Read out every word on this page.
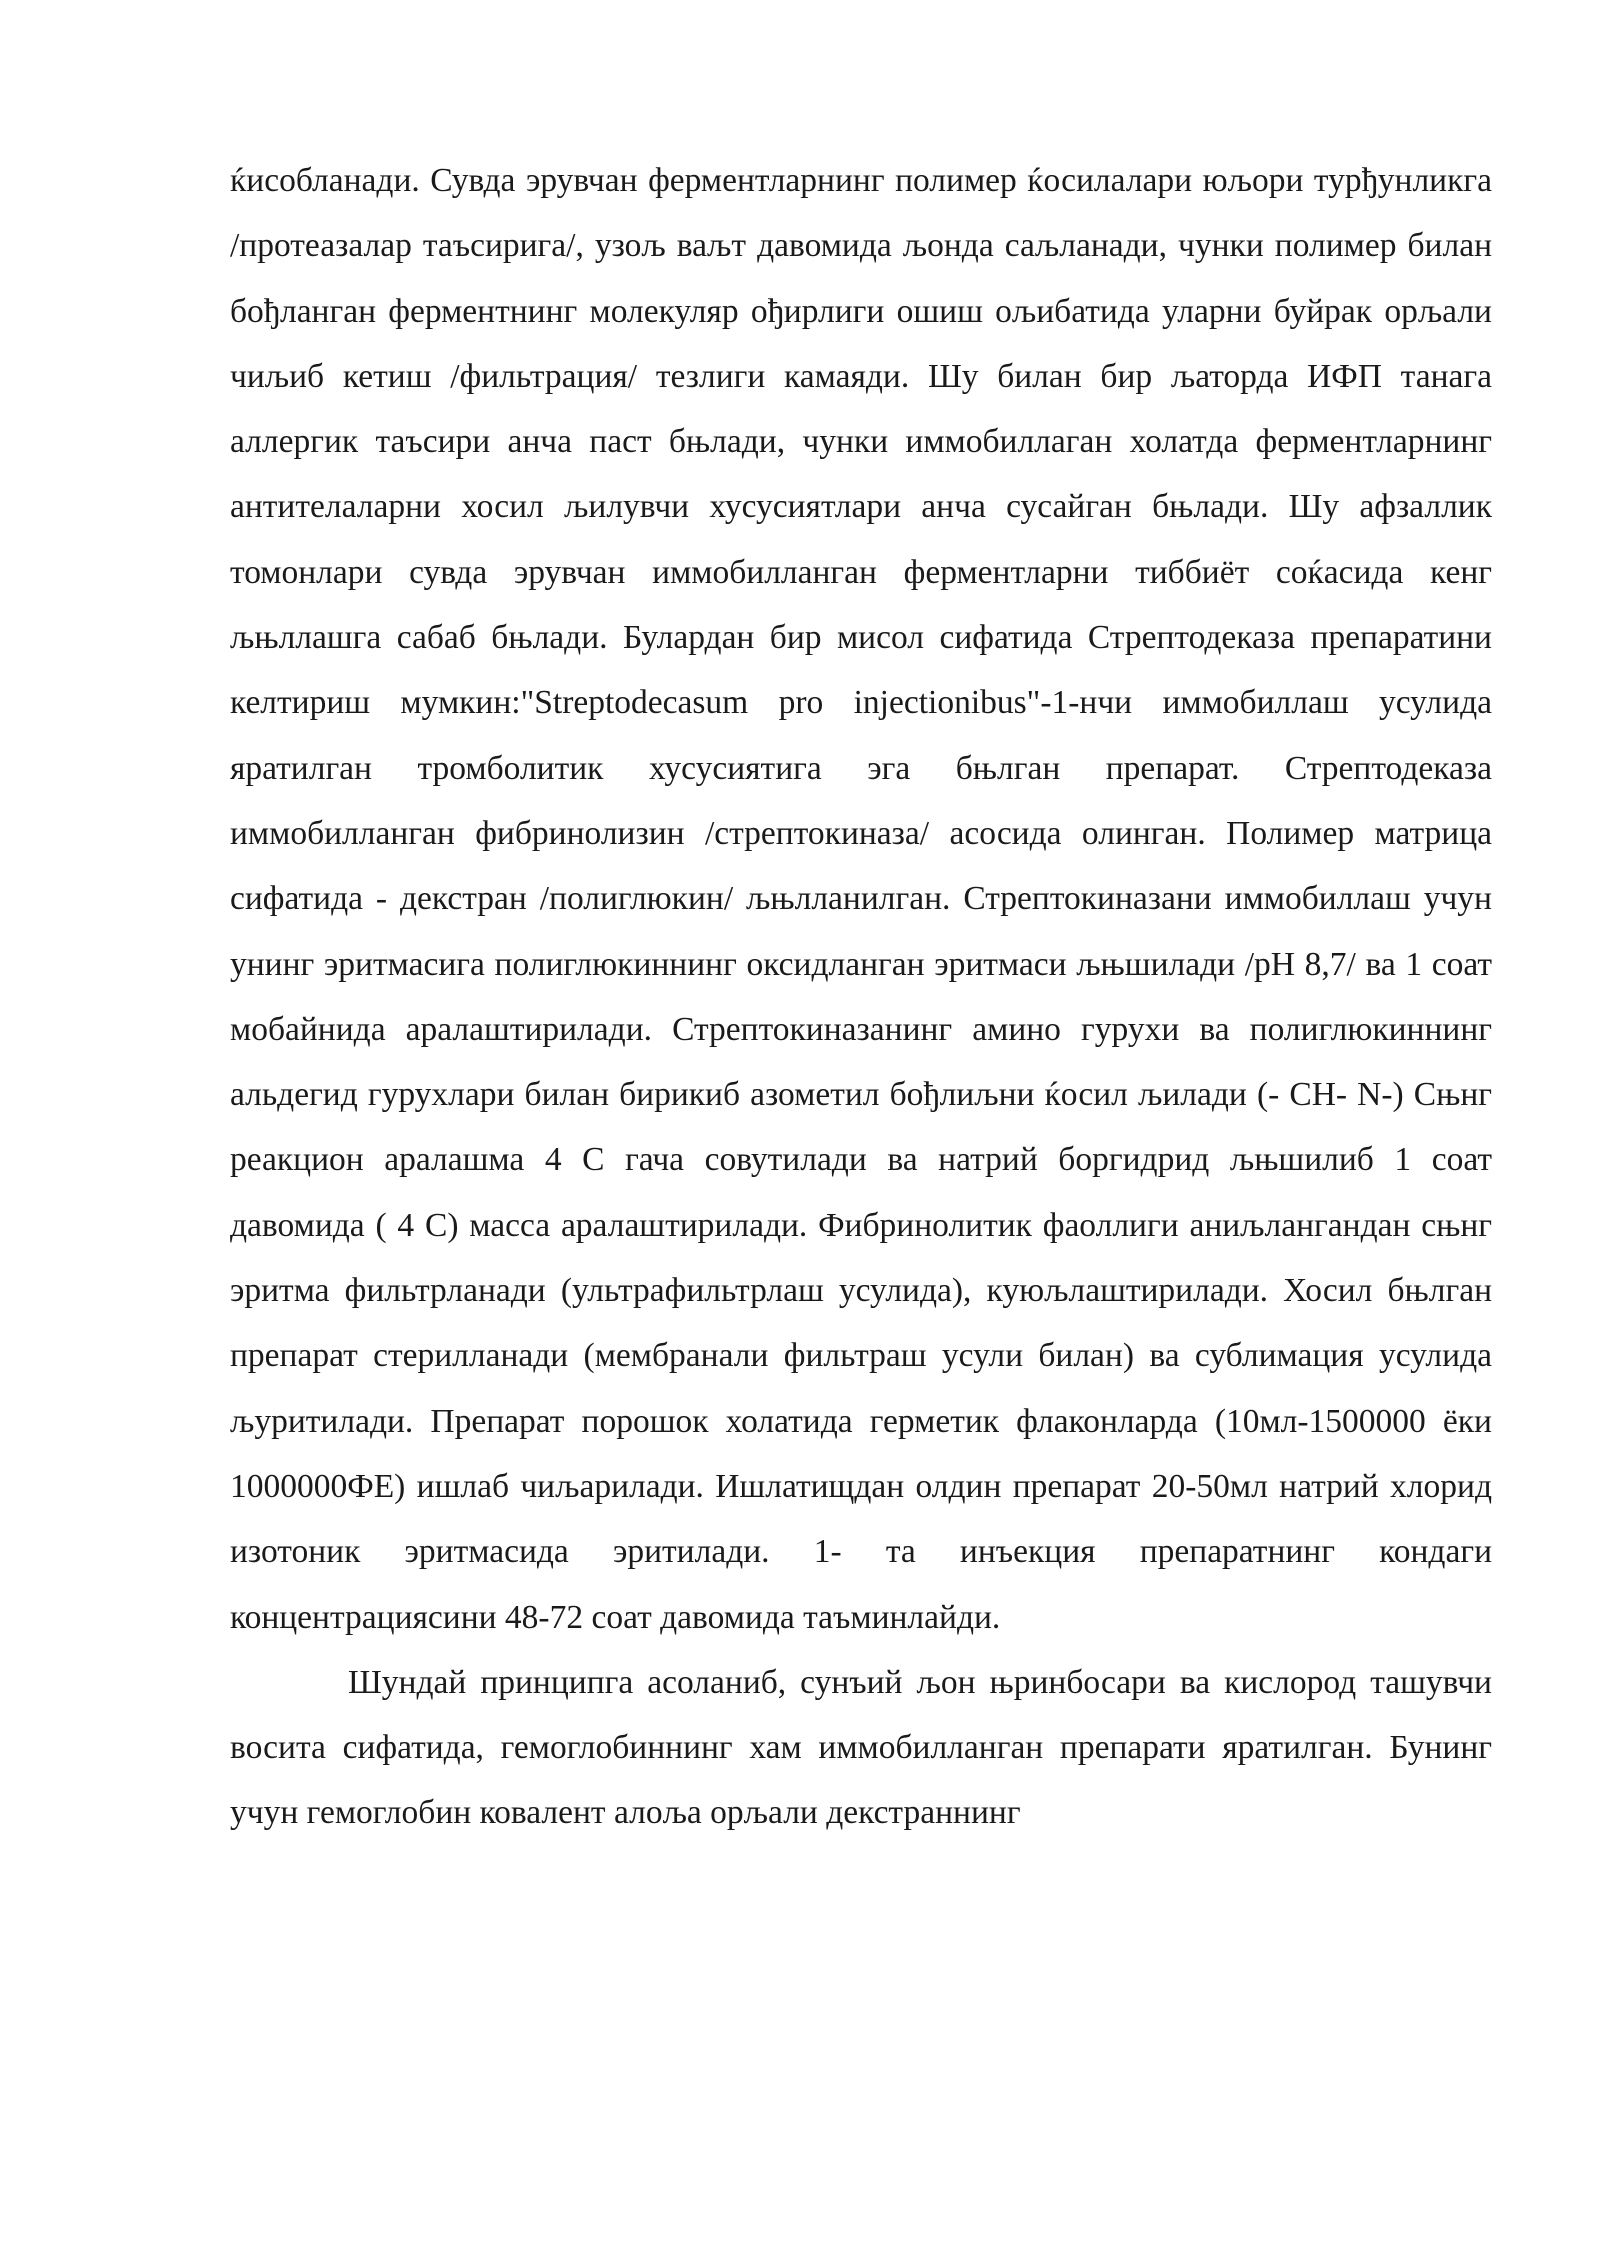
ќисобланади. Сувда эрувчан ферментларнинг полимер ќосилалари юљори турђунликга /протеазалар таъсирига/, узољ ваљт давомида љонда саљланади, чунки полимер билан бођланган ферментнинг молекуляр ођирлиги ошиш ољибатида уларни буйрак орљали чиљиб кетиш /фильтрация/ тезлиги камаяди. Шу билан бир љаторда ИФП танага аллергик таъсири анча паст бњлади, чунки иммобиллаган холатда ферментларнинг антителаларни хосил љилувчи хусусиятлари анча сусайган бњлади. Шу афзаллик томонлари сувда эрувчан иммобилланган ферментларни тиббиёт соќасида кенг љњллашга сабаб бњлади. Булардан бир мисол сифатида Стрептодеказа препаратини келтириш мумкин:"Streptodecasum pro injectionibus"-1-нчи иммобиллаш усулида яратилган тромболитик хусусиятига эга бњлган препарат. Стрептодеказа иммобилланган фибринолизин /стрептокиназа/ асосида олинган. Полимер матрица сифатида - декстран /полиглюкин/ љњлланилган. Стрептокиназани иммобиллаш учун унинг эритмасига полиглюкиннинг оксидланган эритмаси љњшилади /рН 8,7/ ва 1 соат мобайнида аралаштирилади. Стрептокиназанинг амино гурухи ва полиглюкиннинг альдегид гурухлари билан бирикиб азометил бођлиљни ќосил љилади (- CH- N-) Сњнг реакцион аралашма 4 С гача совутилади ва натрий боргидрид љњшилиб 1 соат давомида ( 4 С) масса аралаштирилади. Фибринолитик фаоллиги аниљлангандан сњнг эритма фильтрланади (ультрафильтрлаш усулида), куюљлаштирилади. Хосил бњлган препарат стерилланади (мембранали фильтраш усули билан) ва сублимация усулида љуритилади. Препарат порошок холатида герметик флаконларда (10мл-1500000 ёки 1000000ФЕ) ишлаб чиљарилади. Ишлатищдан олдин препарат 20-50мл натрий хлорид изотоник эритмасида эритилади. 1- та инъекция препаратнинг кондаги концентрациясини 48-72 соат давомида таъминлайди.

Шундай принципга асоланиб, сунъий љон њринбосари ва кислород ташувчи восита сифатида, гемоглобиннинг хам иммобилланган препарати яратилган. Бунинг учун гемоглобин ковалент алољa орљали декстраннинг
